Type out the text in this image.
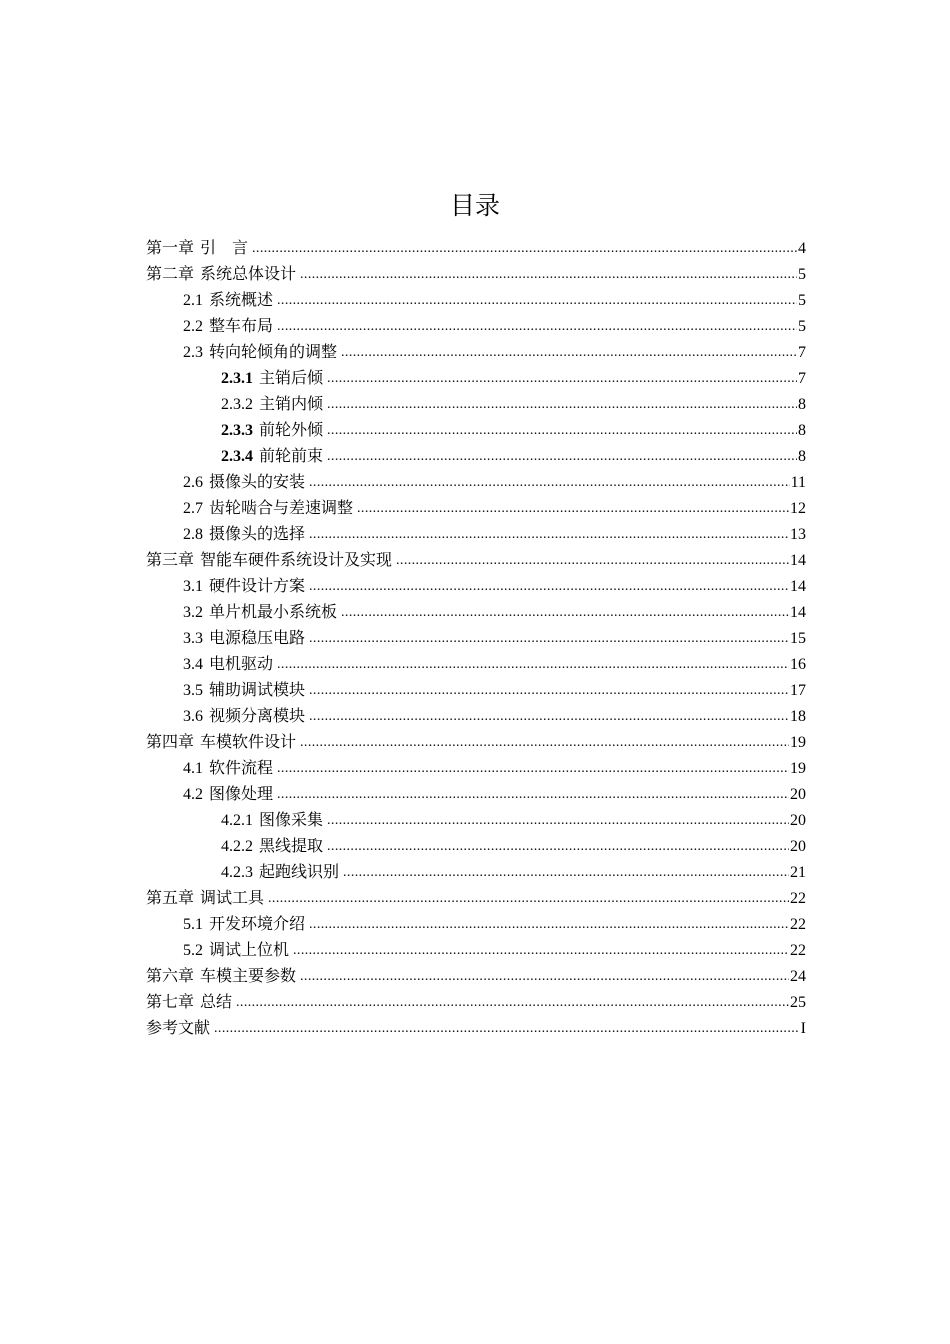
目录
第一章 引　言 .....	4
第二章 系统总体设计 .....	5
2.1 系统概述 .....	5
2.2 整车布局 .....	5
2.3 转向轮倾角的调整 .....	7
2.3.1 主销后倾 .....	7
2.3.2 主销内倾 .....	8
2.3.3 前轮外倾 .....	8
2.3.4 前轮前束 .....	8
2.6 摄像头的安装 .....	11
2.7 齿轮啮合与差速调整 .....	12
2.8 摄像头的选择 .....	13
第三章 智能车硬件系统设计及实现 .....	14
3.1 硬件设计方案 .....	14
3.2 单片机最小系统板 .....	14
3.3 电源稳压电路 .....	15
3.4 电机驱动 .....	16
3.5 辅助调试模块 .....	17
3.6 视频分离模块 .....	18
第四章 车模软件设计 .....	19
4.1 软件流程 .....	19
4.2 图像处理 .....	20
4.2.1 图像采集 .....	20
4.2.2 黑线提取 .....	20
4.2.3 起跑线识别 .....	21
第五章 调试工具 .....	22
5.1 开发环境介绍 .....	22
5.2 调试上位机 .....	22
第六章 车模主要参数 .....	24
第七章 总结 .....	25
参考文献 .....	I
